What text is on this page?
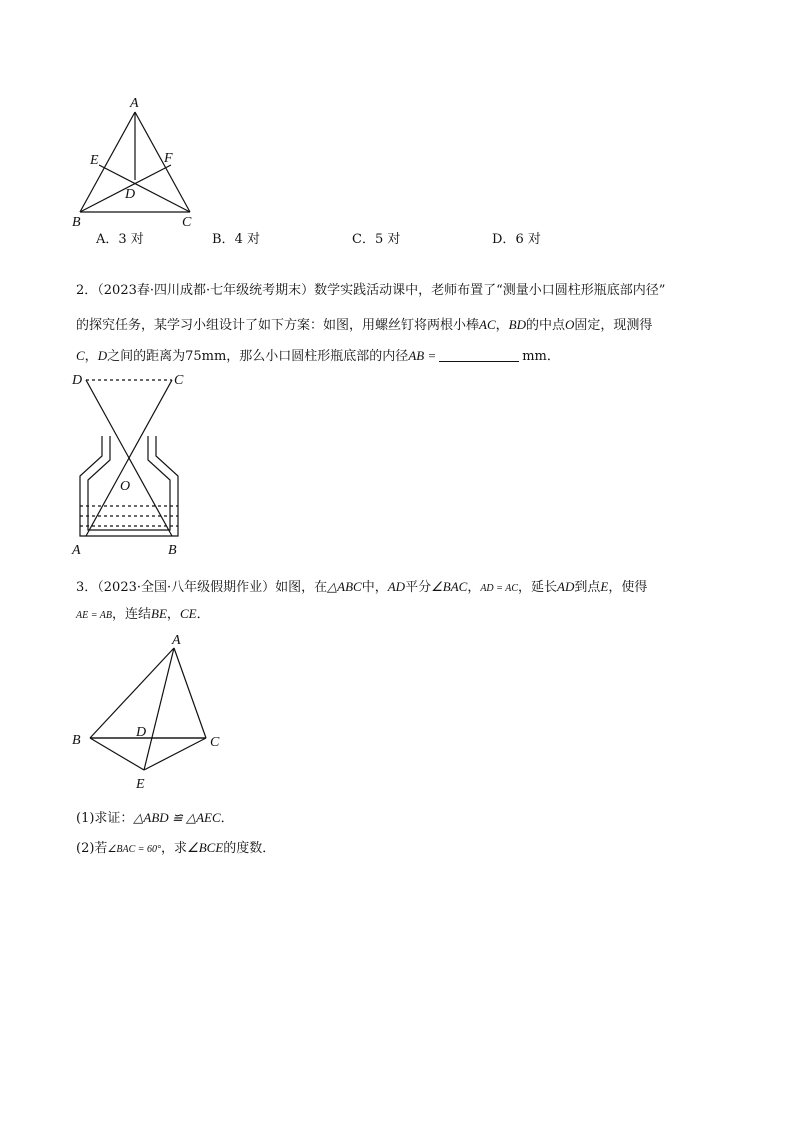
A
B	C
D
E	F
A．3 对	B．4 对	C．5 对	D．6 对
2．（2023春·四川成都·七年级统考期末）数学实践活动课中，老师布置了“测量小口圆柱形瓶底部内径”
的探究任务，某学习小组设计了如下方案：如图，用螺丝钉将两根小棒AC，BD的中点O固定，现测得
C，D之间的距离为75mm，那么小口圆柱形瓶底部的内径AB =	mm．
D	C
A	B
O
3．（2023·全国·八年级假期作业）如图，在△ABC中，AD平分∠BAC，AD = AC，延长AD到点E，使得
AE = AB，连结BE，CE．
A
B	C
D
E
(1)求证：△ABD ≌ △AEC．
(2)若∠BAC = 60°，求∠BCE的度数．
